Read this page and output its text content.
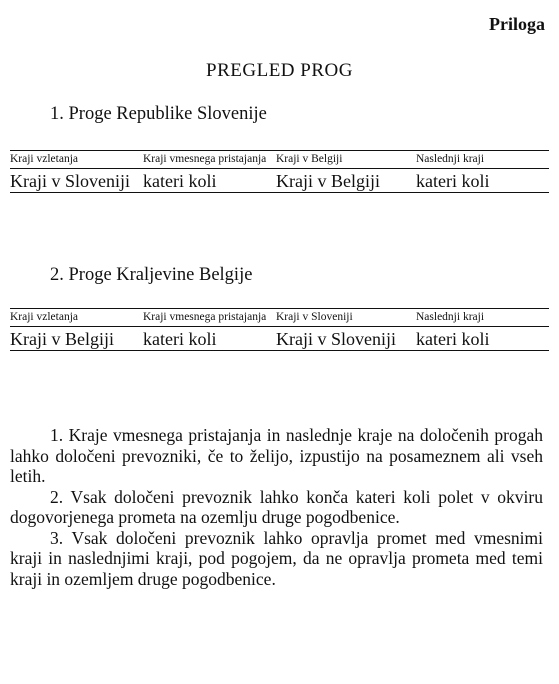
Priloga
PREGLED PROG
1. Proge Republike Slovenije
Kraji vzletanja	Kraji vmesnega pristajanja	Kraji v Belgiji	Naslednji kraji
Kraji v Sloveniji	kateri koli	Kraji v Belgiji	kateri koli
2. Proge Kraljevine Belgije
Kraji vzletanja	Kraji vmesnega pristajanja	Kraji v Sloveniji	Naslednji kraji
Kraji v Belgiji	kateri koli	Kraji v Sloveniji	kateri koli

1. Kraje vmesnega pristajanja in naslednje kraje na določenih progah lahko določeni prevozniki, če to želijo, izpustijo na posameznem ali vseh letih.

2. Vsak določeni prevoznik lahko konča kateri koli polet v okviru dogovorjenega prometa na ozemlju druge pogodbenice.

3. Vsak določeni prevoznik lahko opravlja promet med vmesnimi kraji in naslednjimi kraji, pod pogojem, da ne opravlja prometa med temi kraji in ozemljem druge pogodbenice.
